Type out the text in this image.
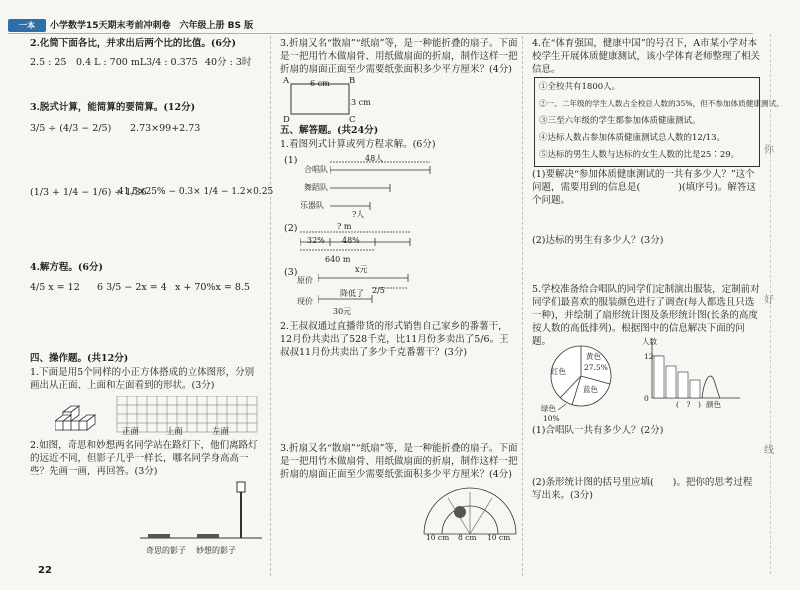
一本	小学数学15天期末考前冲刺卷　六年级上册 BS 版
2.化简下面各比，并求出后两个比的比值。(6分)
2.5 : 25 0.4 L : 700 mL 3/4 : 0.375 40分 : 3时
3.脱式计算，能简算的要简算。(12分)
3/5 ÷ (4/3 − 2/5) 2.73×99+2.73
(1/3 + 1/4 − 1/6) ÷ 1/36
41.5×25% − 0.3× 1/4 − 1.2×0.25
4.解方程。(6分)
4/5 x = 12 6 3/5 − 2x = 4 x + 70%x = 8.5
四、操作题。(共12分)
1.下面是用5个同样的小正方体搭成的立体图形，分别画出从正面、上面和左面看到的形状。(3分)
正面	上面	左面
2.如图，奇思和妙想两名同学站在路灯下，他们离路灯的远近不同，但影子几乎一样长，哪名同学身高高一些？先画一画，再回答。(3分)
奇思的影子 妙想的影子
3.折扇又名“散扇”“纸扇”等，是一种能折叠的扇子。下面是一把用竹木做扇骨、用纸做扇面的折扇，制作这样一把折扇的扇面正面至少需要纸张面积多少平方厘米？(4分)
A	B
D	C
6 cm
3 cm
五、解答题。(共24分)
1.看图列式计算或列方程求解。(6分)
(1)	48人
合唱队
舞蹈队
乐器队
?人
(2)	? m
32% 48%
640 m
(3)	x元
原价
现价
降低了 2/5
30元
2.王叔叔通过直播带货的形式销售自己家乡的番薯干，12月份共卖出了528千克，比11月份多卖出了5/6。王叔叔11月份共卖出了多少千克番薯干？(3分)
3.折扇又名“散扇”“纸扇”等，是一种能折叠的扇子。下面是一把用竹木做扇骨、用纸做扇面的折扇，制作这样一把折扇的扇面正面至少需要纸张面积多少平方厘米？(4分)
10 cm 8 cm 10 cm
4.在“体育强国，健康中国”的号召下，A市某小学对本校学生开展体质健康测试，该小学体育老师整理了相关信息。
①全校共有1800人。
②一、二年级的学生人数占全校总人数的35%，但不参加体质健康测试。
③三至六年级的学生都参加体质健康测试。
④达标人数占参加体质健康测试总人数的12/13。
⑤达标的男生人数与达标的女生人数的比是25∶29。
(1)要解决“参加体质健康测试的一共有多少人？”这个问题，需要用到的信息是(　　　　)(填序号)。解答这个问题。
(2)达标的男生有多少人？(3分)
5.学校准备给合唱队的同学们定制演出服装，定制前对同学们最喜欢的服装颜色进行了调查(每人都选且只选一种)，并绘制了扇形统计图及条形统计图(长条的高度按人数的高低排列)。根据图中的信息解决下面的问题。
黄色
27.5%
红色
蓝色
绿色
10%
人数
12
0
(　?　) 颜色
(1)合唱队一共有多少人？(2分)
(2)条形统计图的括号里应填(　　)。把你的思考过程写出来。(3分)
你
好
线
22
